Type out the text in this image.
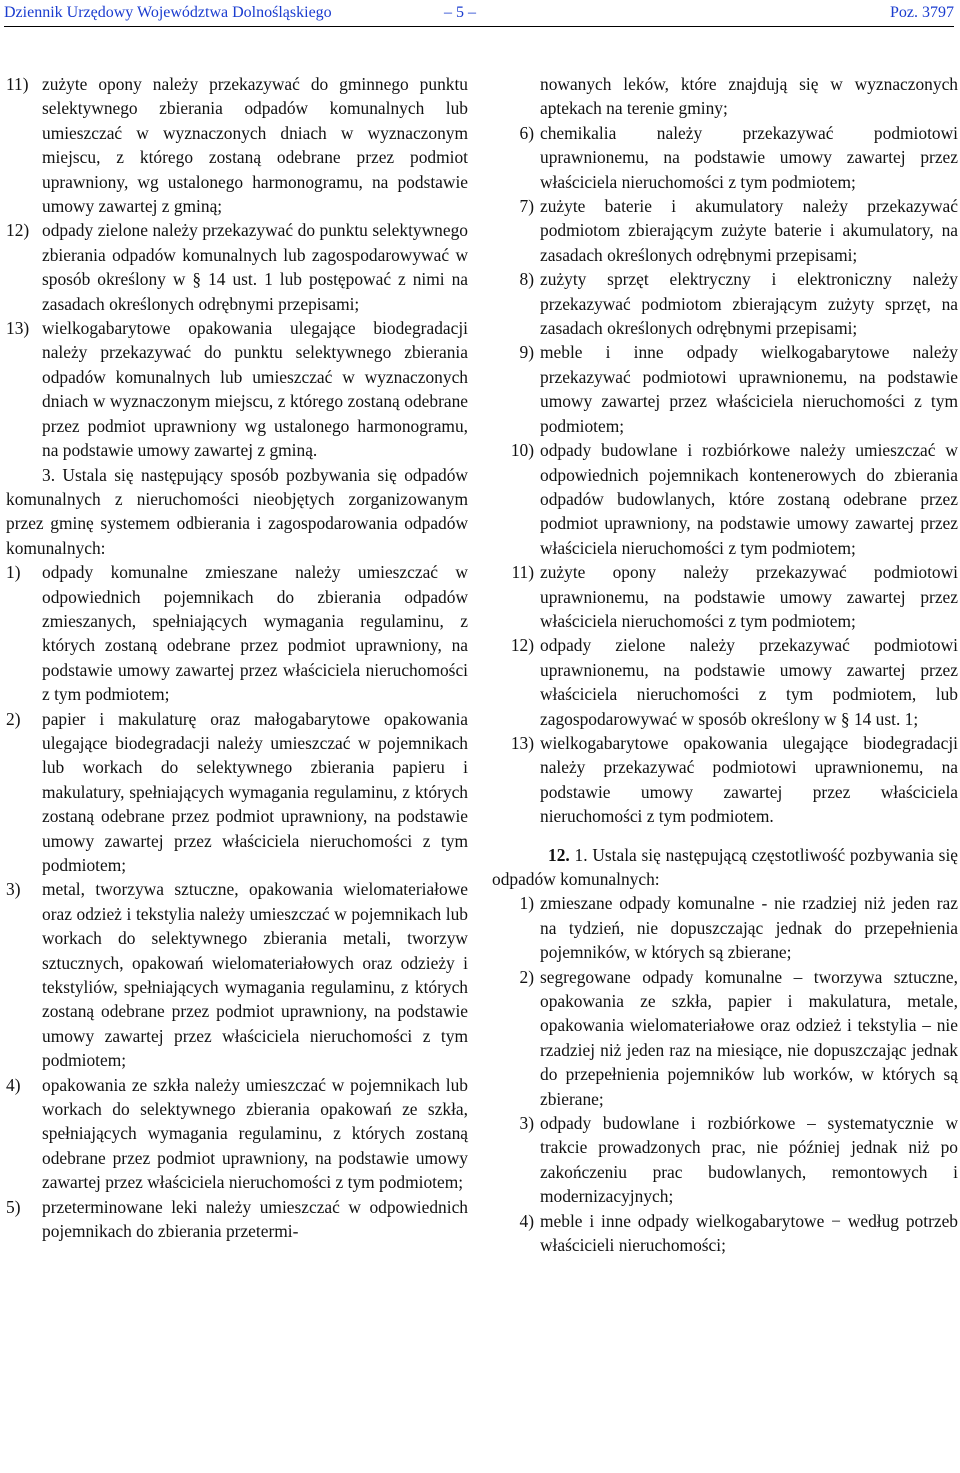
Dziennik Urzędowy Województwa Dolnośląskiego	– 5 –	Poz. 3797
11) zużyte opony należy przekazywać do gminnego punktu selektywnego zbierania odpadów komunalnych lub umieszczać w wyznaczonych dniach w wyznaczonym miejscu, z którego zostaną odebrane przez podmiot uprawniony, wg ustalonego harmonogramu, na podstawie umowy zawartej z gminą;
12) odpady zielone należy przekazywać do punktu selektywnego zbierania odpadów komunalnych lub zagospodarowywać w sposób określony w § 14 ust. 1 lub postępować z nimi na zasadach określonych odrębnymi przepisami;
13) wielkogabarytowe opakowania ulegające biodegradacji należy przekazywać do punktu selektywnego zbierania odpadów komunalnych lub umieszczać w wyznaczonych dniach w wyznaczonym miejscu, z którego zostaną odebrane przez podmiot uprawniony wg ustalonego harmonogramu, na podstawie umowy zawartej z gminą.
3. Ustala się następujący sposób pozbywania się odpadów komunalnych z nieruchomości nieobjętych zorganizowanym przez gminę systemem odbierania i zagospodarowania odpadów komunalnych:
1)	odpady komunalne zmieszane należy umieszczać w odpowiednich pojemnikach do zbierania odpadów zmieszanych, spełniających wymagania regulaminu, z których zostaną odebrane przez podmiot uprawniony, na podstawie umowy zawartej przez właściciela nieruchomości z tym podmiotem;
2)	papier i makulaturę oraz małogabarytowe opakowania ulegające biodegradacji należy umieszczać w pojemnikach lub workach do selektywnego zbierania papieru i makulatury, spełniających wymagania regulaminu, z których zostaną odebrane przez podmiot uprawniony, na podstawie umowy zawartej przez właściciela nieruchomości z tym podmiotem;
3)	metal, tworzywa sztuczne, opakowania wielomateriałowe oraz odzież i tekstylia należy umieszczać w pojemnikach lub workach do selektywnego zbierania metali, tworzyw sztucznych, opakowań wielomateriałowych oraz odzieży i tekstyliów, spełniających wymagania regulaminu, z których zostaną odebrane przez podmiot uprawniony, na podstawie umowy zawartej przez właściciela nieruchomości z tym podmiotem;
4)	opakowania ze szkła należy umieszczać w pojemnikach lub workach do selektywnego zbierania opakowań ze szkła, spełniających wymagania regulaminu, z których zostaną odebrane przez podmiot uprawniony, na podstawie umowy zawartej przez właściciela nieruchomości z tym podmiotem;
5)	przeterminowane leki należy umieszczać w odpowiednich pojemnikach do zbierania przetermi-
nowanych leków, które znajdują się w wyznaczonych aptekach na terenie gminy;
6) chemikalia należy przekazywać podmiotowi uprawnionemu, na podstawie umowy zawartej przez właściciela nieruchomości z tym podmiotem;
7) zużyte baterie i akumulatory należy przekazywać podmiotom zbierającym zużyte baterie i akumulatory, na zasadach określonych odrębnymi przepisami;
8) zużyty sprzęt elektryczny i elektroniczny należy przekazywać podmiotom zbierającym zużyty sprzęt, na zasadach określonych odrębnymi przepisami;
9) meble i inne odpady wielkogabarytowe należy przekazywać podmiotowi uprawnionemu, na podstawie umowy zawartej przez właściciela nieruchomości z tym podmiotem;
10) odpady budowlane i rozbiórkowe należy umieszczać w odpowiednich pojemnikach kontenerowych do zbierania odpadów budowlanych, które zostaną odebrane przez podmiot uprawniony, na podstawie umowy zawartej przez właściciela nieruchomości z tym podmiotem;
11) zużyte opony należy przekazywać podmiotowi uprawnionemu, na podstawie umowy zawartej przez właściciela nieruchomości z tym podmiotem;
12) odpady zielone należy przekazywać podmiotowi uprawnionemu, na podstawie umowy zawartej przez właściciela nieruchomości z tym podmiotem, lub zagospodarowywać w sposób określony w § 14 ust. 1;
13) wielkogabarytowe opakowania ulegające biodegradacji należy przekazywać podmiotowi uprawnionemu, na podstawie umowy zawartej przez właściciela nieruchomości z tym podmiotem.
12. 1. Ustala się następującą częstotliwość pozbywania się odpadów komunalnych:
1) zmieszane odpady komunalne - nie rzadziej niż jeden raz na tydzień, nie dopuszczając jednak do przepełnienia pojemników, w których są zbierane;
2) segregowane odpady komunalne – tworzywa sztuczne, opakowania ze szkła, papier i makulatura, metale, opakowania wielomateriałowe oraz odzież i tekstylia – nie rzadziej niż jeden raz na miesiące, nie dopuszczając jednak do przepełnienia pojemników lub worków, w których są zbierane;
3) odpady budowlane i rozbiórkowe – systematycznie w trakcie prowadzonych prac, nie później jednak niż po zakończeniu prac budowlanych, remontowych i modernizacyjnych;
4) meble i inne odpady wielkogabarytowe − według potrzeb właścicieli nieruchomości;
